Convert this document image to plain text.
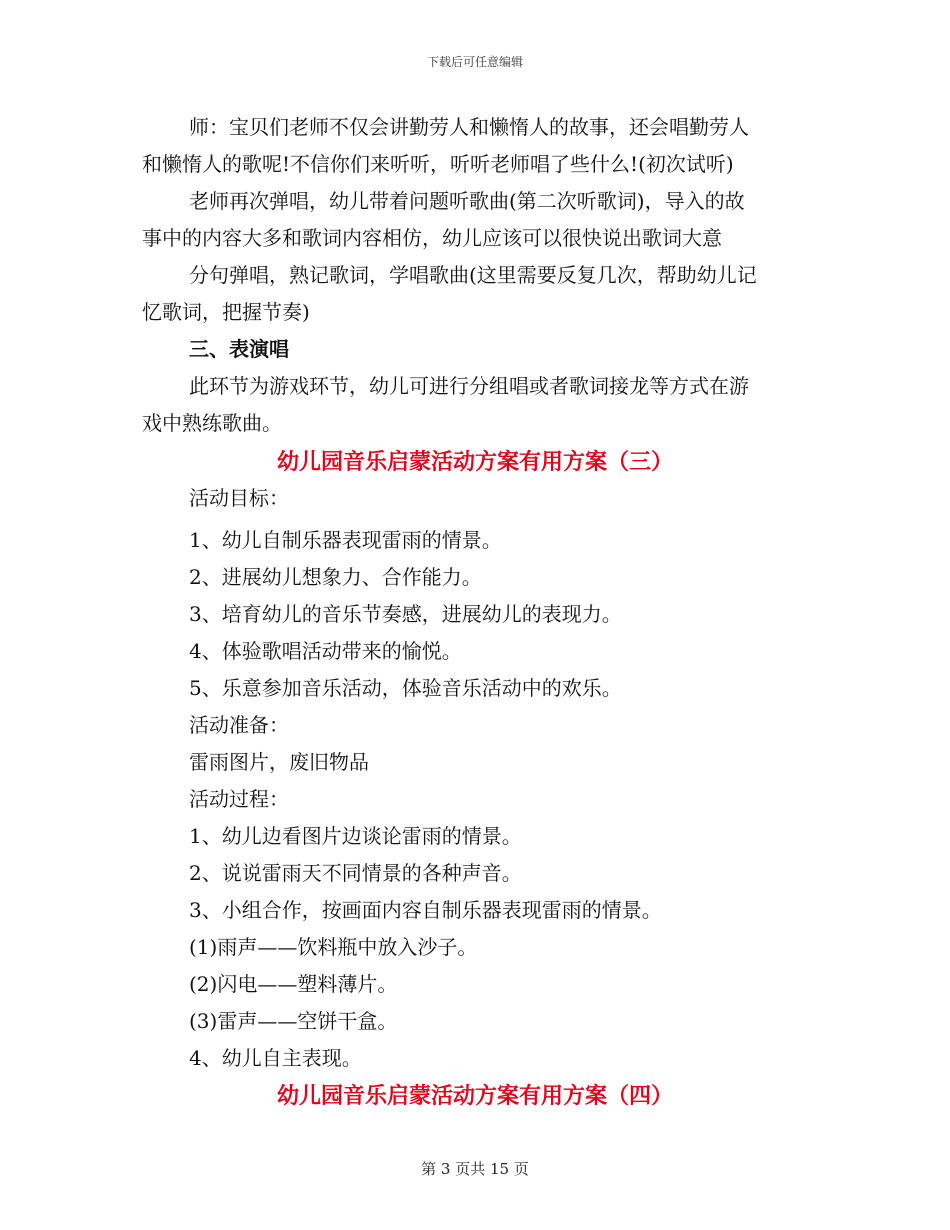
下载后可任意编辑
师：宝贝们老师不仅会讲勤劳人和懒惰人的故事，还会唱勤劳人
和懒惰人的歌呢!不信你们来听听，听听老师唱了些什么!(初次试听)
老师再次弹唱，幼儿带着问题听歌曲(第二次听歌词)，导入的故
事中的内容大多和歌词内容相仿，幼儿应该可以很快说出歌词大意
分句弹唱，熟记歌词，学唱歌曲(这里需要反复几次，帮助幼儿记
忆歌词，把握节奏)
三、表演唱
此环节为游戏环节，幼儿可进行分组唱或者歌词接龙等方式在游
戏中熟练歌曲。
幼儿园音乐启蒙活动方案有用方案（三）
活动目标：
1、幼儿自制乐器表现雷雨的情景。
2、进展幼儿想象力、合作能力。
3、培育幼儿的音乐节奏感，进展幼儿的表现力。
4、体验歌唱活动带来的愉悦。
5、乐意参加音乐活动，体验音乐活动中的欢乐。
活动准备：
雷雨图片，废旧物品
活动过程：
1、幼儿边看图片边谈论雷雨的情景。
2、说说雷雨天不同情景的各种声音。
3、小组合作，按画面内容自制乐器表现雷雨的情景。
(1)雨声——饮料瓶中放入沙子。
(2)闪电——塑料薄片。
(3)雷声——空饼干盒。
4、幼儿自主表现。
幼儿园音乐启蒙活动方案有用方案（四）
第 3 页共 15 页
